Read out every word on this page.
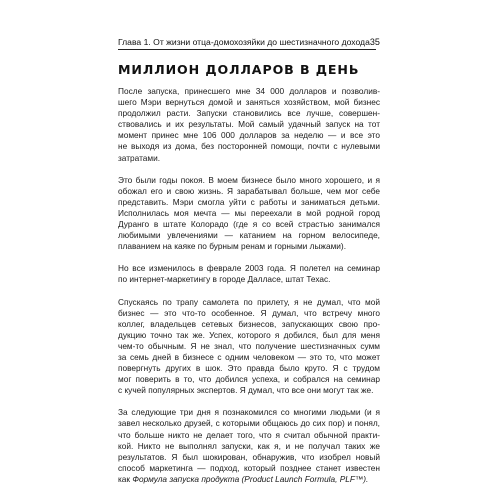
Глава 1. От жизни отца-домохозяйки до шестизначного дохода 35
МИЛЛИОН ДОЛЛАРОВ В ДЕНЬ

После запуска, принесшего мне 34 000 долларов и позволив-
шего Мэри вернуться домой и заняться хозяйством, мой бизнес
продолжил расти. Запуски становились все лучше, совершен-
ствовались и их результаты. Мой самый удачный запуск на тот
момент принес мне 106 000 долларов за неделю — и все это
не выходя из дома, без посторонней помощи, почти с нулевыми
затратами.

Это были годы покоя. В моем бизнесе было много хорошего, и я
обожал его и свою жизнь. Я зарабатывал больше, чем мог себе
представить. Мэри смогла уйти с работы и заниматься детьми.
Исполнилась моя мечта — мы переехали в мой родной город
Дуранго в штате Колорадо (где я со всей страстью занимался
любимыми увлечениями — катанием на горном велосипеде,
плаванием на каяке по бурным ренам и горными лыжами).

Но все изменилось в феврале 2003 года. Я полетел на семинар
по интернет-маркетингу в городе Далласе, штат Техас.

Спускаясь по трапу самолета по прилету, я не думал, что мой
бизнес — это что-то особенное. Я думал, что встречу много
коллег, владельцев сетевых бизнесов, запускающих свою про-
дукцию точно так же. Успех, которого я добился, был для меня
чем-то обычным. Я не знал, что получение шестизначных сумм
за семь дней в бизнесе с одним человеком — это то, что может
повергнуть других в шок. Это правда было круто. Я с трудом
мог поверить в то, что добился успеха, и собрался на семинар
с кучей популярных экспертов. Я думал, что все они могут так же.

За следующие три дня я познакомился со многими людьми (и я
завел несколько друзей, с которыми общаюсь до сих пор) и понял,
что больше никто не делает того, что я считал обычной практи-
кой. Никто не выполнял запуски, как я, и не получал таких же
результатов. Я был шокирован, обнаружив, что изобрел новый
способ маркетинга — подход, который позднее станет известен
как Формула запуска продукта (Product Launch Formula, PLF™).
